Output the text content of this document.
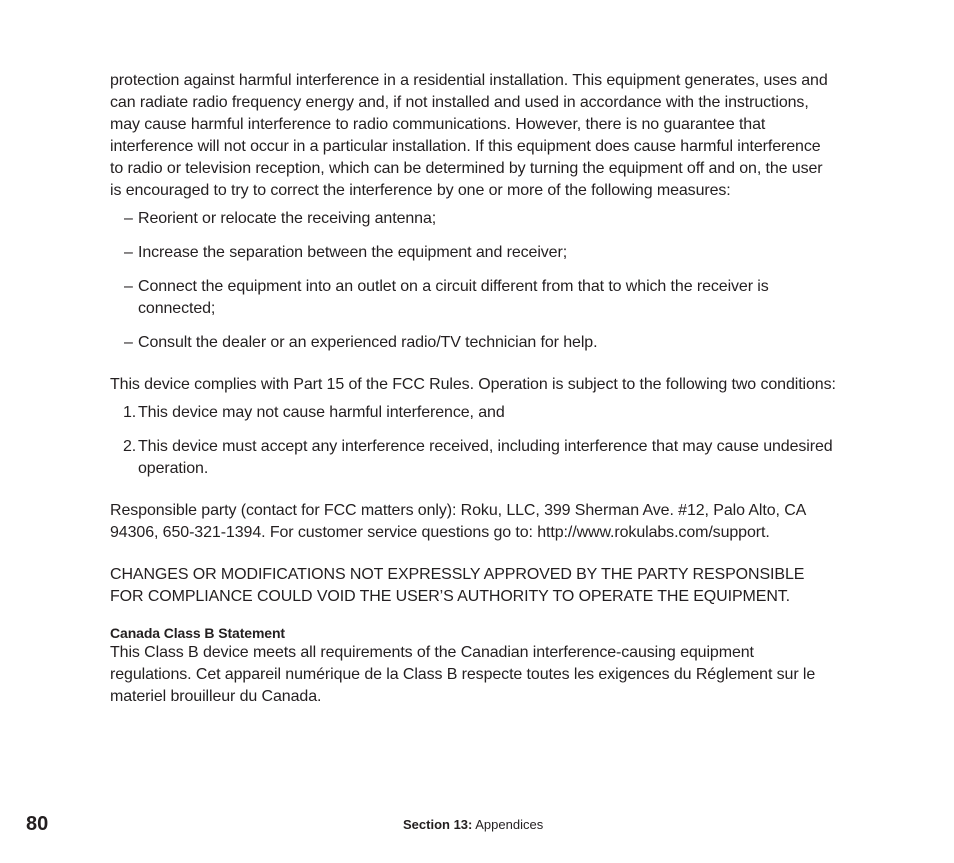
protection against harmful interference in a residential installation. This equipment generates, uses and can radiate radio frequency energy and, if not installed and used in accordance with the instructions, may cause harmful interference to radio communications. However, there is no guarantee that interference will not occur in a particular installation. If this equipment does cause harmful interference to radio or television reception, which can be determined by turning the equipment off and on, the user is encouraged to try to correct the interference by one or more of the following measures:

– Reorient or relocate the receiving antenna;
– Increase the separation between the equipment and receiver;
– Connect the equipment into an outlet on a circuit different from that to which the receiver is connected;
– Consult the dealer or an experienced radio/TV technician for help.

This device complies with Part 15 of the FCC Rules. Operation is subject to the following two conditions:

1. This device may not cause harmful interference, and
2. This device must accept any interference received, including interference that may cause undesired operation.

Responsible party (contact for FCC matters only): Roku, LLC, 399 Sherman Ave. #12, Palo Alto, CA 94306, 650-321-1394. For customer service questions go to: http://www.rokulabs.com/support.

CHANGES OR MODIFICATIONS NOT EXPRESSLY APPROVED BY THE PARTY RESPONSIBLE FOR COMPLIANCE COULD VOID THE USER’S AUTHORITY TO OPERATE THE EQUIPMENT.

Canada Class B Statement

This Class B device meets all requirements of the Canadian interference-causing equipment regulations. Cet appareil numérique de la Class B respecte toutes les exigences du Réglement sur le materiel brouilleur du Canada.

80	Section 13: Appendices
